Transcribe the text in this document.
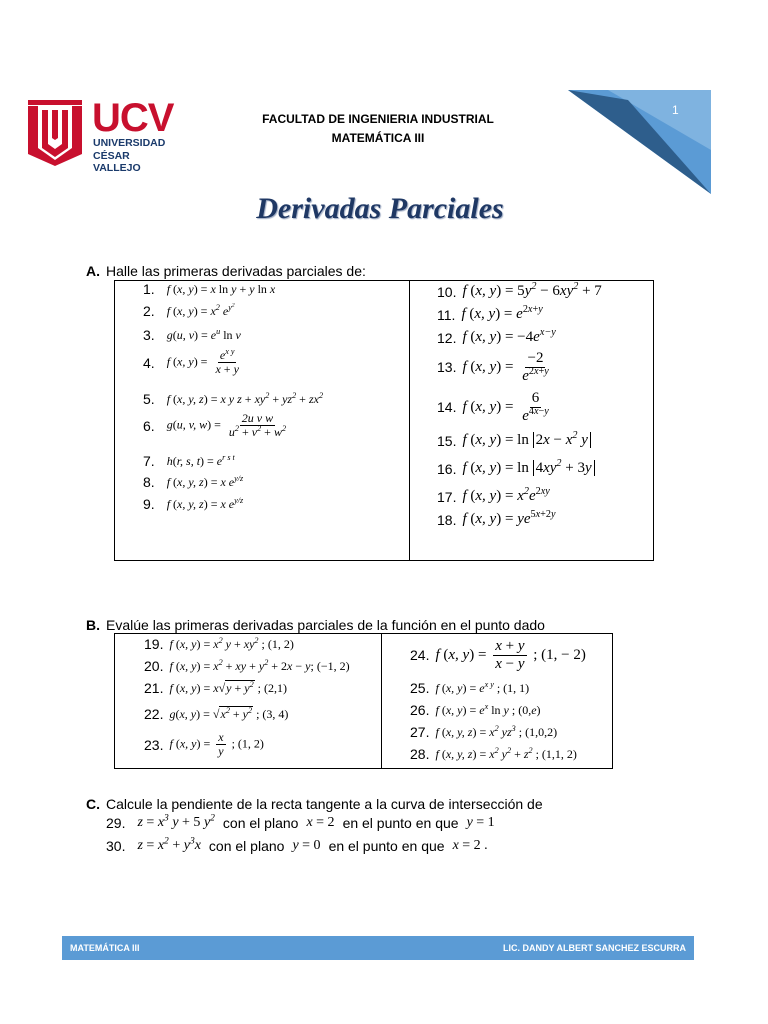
UCV
UNIVERSIDAD
CÉSAR VALLEJO
FACULTAD DE INGENIERIA INDUSTRIAL
MATEMÁTICA III
1
Derivadas Parciales
A. Halle las primeras derivadas parciales de:
1. f (x, y) = x ln y + y ln x
2. f (x, $y) = x^2$ $e^{y^2}$
3. g(u, $v) = e^u$ ln v
4. f (x, $y) = \frac{e^{x y}}{x + y}$
5. f (x, y, z) = x y $z + xy^2 + yz^2 + zx^2$
6. g(u, v, $w) = \frac{\text{2u v w}}{u^2 + v^2 + w^2}$
7. h(r, s, $t) = e^{r s t}$
8. f (x, y, z) = x $e^{y/z}$
9. f (x, y, z) = x $e^{y/z}$
10. f (x, $y) = 5y^2 - 6xy^2 + 7$
11. f (x, $y) = e^{2x+y}$
12. f (x, $y) = -4e^{x-y}$
13. f (x, $y) = \frac{-2}{e^{2x+y}}$
14. f (x, $y) = \frac{6}{e^{4x-y}}$
15. f (x, $y) = \ln 2x - x^2$ y
16. f (x, $y) = \ln 4xy^2 + 3y$
17. f (x, $y) = x^2e^{2xy}$
18. f (x, $y) = ye^{5x+2y}$
B. Evalúe las primeras derivadas parciales de la función en el punto dado
19. f (x, $y) = x^2$ $y + xy^2$ ; (1, 2)
20. f (x, $y) = x^2$ + xy + $y^2 + 2x - y$; (−1, 2)
21. f (x, $y) = x√y + y^2$ ; (2,1)
22. g(x, $y) = √x^2 + y^2$ ; (3, 4)
23. f (x, $y) = \frac{x}{y}$ ; (1, 2)
24. f (x, $y) = \frac{x + y}{x - y}$ ; (1, − 2)
25. f (x, $y) = e^{x y}$ ; (1, 1)
26. f (x, $y) = e^x$ ln y ; (0,e)
27. f (x, y, $z) = x^2$ $yz^3$ ; (1,0,2)
28. f (x, y, $z) = x^2$ $y^2 + z^2$ ; (1,1, 2)
C. Calcule la pendiente de la recta tangente a la curva de intersección de
29. $z = x^3$ y + 5 $y^2$ con el plano x = 2 en el punto en que y = 1
30. $z = x^2 + y^3x$ con el plano y = 0 en el punto en que x = 2 .
MATEMÁTICA III	LIC. DANDY ALBERT SANCHEZ ESCURRA
